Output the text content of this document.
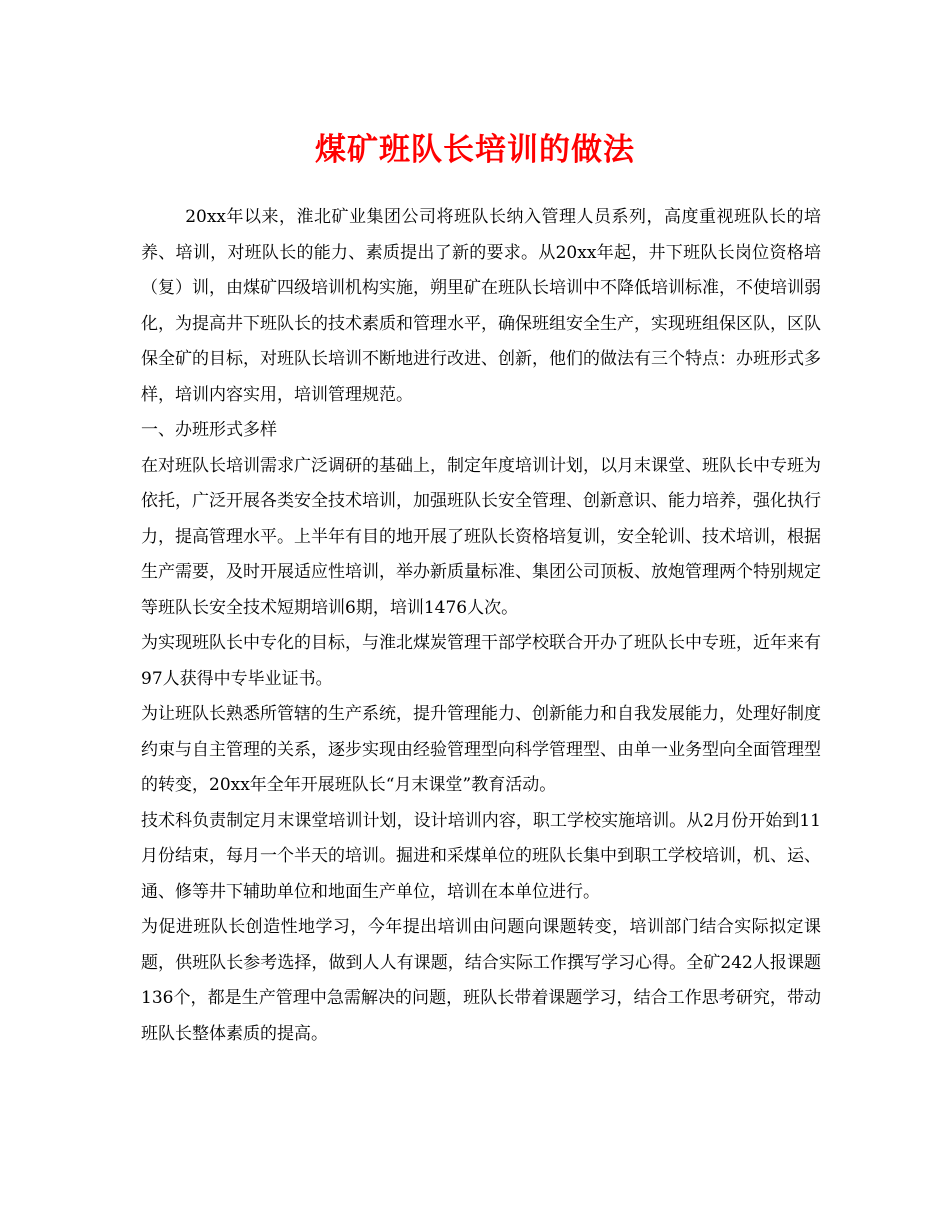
煤矿班队长培训的做法

20xx年以来，淮北矿业集团公司将班队长纳入管理人员系列，高度重视班队长的培养、培训，对班队长的能力、素质提出了新的要求。从20xx年起，井下班队长岗位资格培（复）训，由煤矿四级培训机构实施，朔里矿在班队长培训中不降低培训标准，不使培训弱化，为提高井下班队长的技术素质和管理水平，确保班组安全生产，实现班组保区队，区队保全矿的目标，对班队长培训不断地进行改进、创新，他们的做法有三个特点：办班形式多样，培训内容实用，培训管理规范。

一、办班形式多样

在对班队长培训需求广泛调研的基础上，制定年度培训计划，以月末课堂、班队长中专班为依托，广泛开展各类安全技术培训，加强班队长安全管理、创新意识、能力培养，强化执行力，提高管理水平。上半年有目的地开展了班队长资格培复训，安全轮训、技术培训，根据生产需要，及时开展适应性培训，举办新质量标准、集团公司顶板、放炮管理两个特别规定等班队长安全技术短期培训6期，培训1476人次。

为实现班队长中专化的目标，与淮北煤炭管理干部学校联合开办了班队长中专班，近年来有97人获得中专毕业证书。

为让班队长熟悉所管辖的生产系统，提升管理能力、创新能力和自我发展能力，处理好制度约束与自主管理的关系，逐步实现由经验管理型向科学管理型、由单一业务型向全面管理型的转变，20xx年全年开展班队长“月末课堂”教育活动。

技术科负责制定月末课堂培训计划，设计培训内容，职工学校实施培训。从2月份开始到11月份结束，每月一个半天的培训。掘进和采煤单位的班队长集中到职工学校培训，机、运、通、修等井下辅助单位和地面生产单位，培训在本单位进行。

为促进班队长创造性地学习，今年提出培训由问题向课题转变，培训部门结合实际拟定课题，供班队长参考选择，做到人人有课题，结合实际工作撰写学习心得。全矿242人报课题136个，都是生产管理中急需解决的问题，班队长带着课题学习，结合工作思考研究，带动班队长整体素质的提高。
